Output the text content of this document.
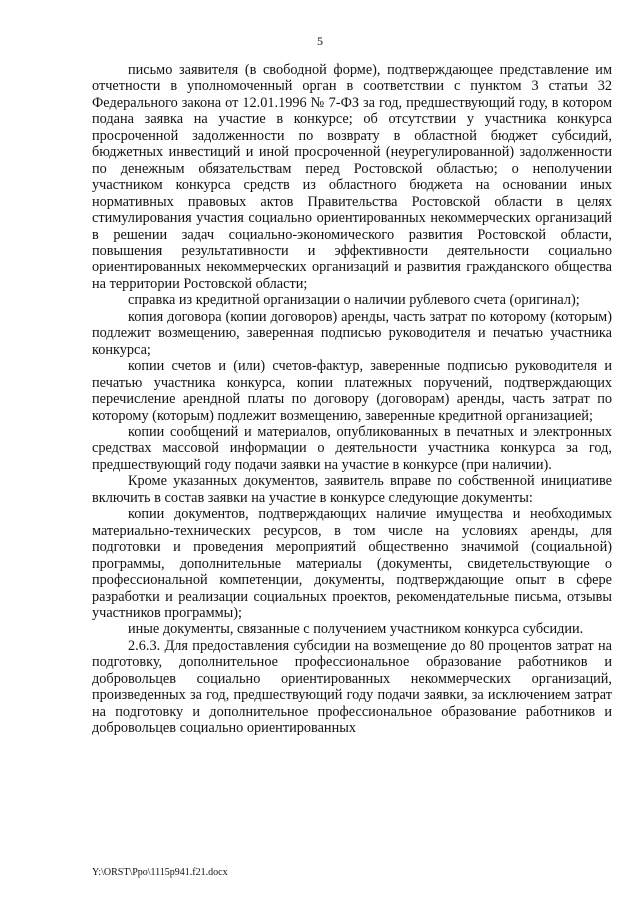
5

письмо заявителя (в свободной форме), подтверждающее представление им отчетности в уполномоченный орган в соответствии с пунктом 3 статьи 32 Федерального закона от 12.01.1996 № 7-ФЗ за год, предшествующий году, в котором подана заявка на участие в конкурсе; об отсутствии у участника конкурса просроченной задолженности по возврату в областной бюджет субсидий, бюджетных инвестиций и иной просроченной (неурегулированной) задолженности по денежным обязательствам перед Ростовской областью; о неполучении участником конкурса средств из областного бюджета на основании иных нормативных правовых актов Правительства Ростовской области в целях стимулирования участия социально ориентированных некоммерческих организаций в решении задач социально-экономического развития Ростовской области, повышения результативности и эффективности деятельности социально ориентированных некоммерческих организаций и развития гражданского общества на территории Ростовской области;

справка из кредитной организации о наличии рублевого счета (оригинал);

копия договора (копии договоров) аренды, часть затрат по которому (которым) подлежит возмещению, заверенная подписью руководителя и печатью участника конкурса;

копии счетов и (или) счетов-фактур, заверенные подписью руководителя и печатью участника конкурса, копии платежных поручений, подтверждающих перечисление арендной платы по договору (договорам) аренды, часть затрат по которому (которым) подлежит возмещению, заверенные кредитной организацией;

копии сообщений и материалов, опубликованных в печатных и электронных средствах массовой информации о деятельности участника конкурса за год, предшествующий году подачи заявки на участие в конкурсе (при наличии).

Кроме указанных документов, заявитель вправе по собственной инициативе включить в состав заявки на участие в конкурсе следующие документы:

копии документов, подтверждающих наличие имущества и необходимых материально-технических ресурсов, в том числе на условиях аренды, для подготовки и проведения мероприятий общественно значимой (социальной) программы, дополнительные материалы (документы, свидетельствующие о профессиональной компетенции, документы, подтверждающие опыт в сфере разработки и реализации социальных проектов, рекомендательные письма, отзывы участников программы);

иные документы, связанные с получением участником конкурса субсидии.

2.6.3. Для предоставления субсидии на возмещение до 80 процентов затрат на подготовку, дополнительное профессиональное образование работников и добровольцев социально ориентированных некоммерческих организаций, произведенных за год, предшествующий году подачи заявки, за исключением затрат на подготовку и дополнительное профессиональное образование работников и добровольцев социально ориентированных

Y:\ORST\Ppo\1115p941.f21.docx
